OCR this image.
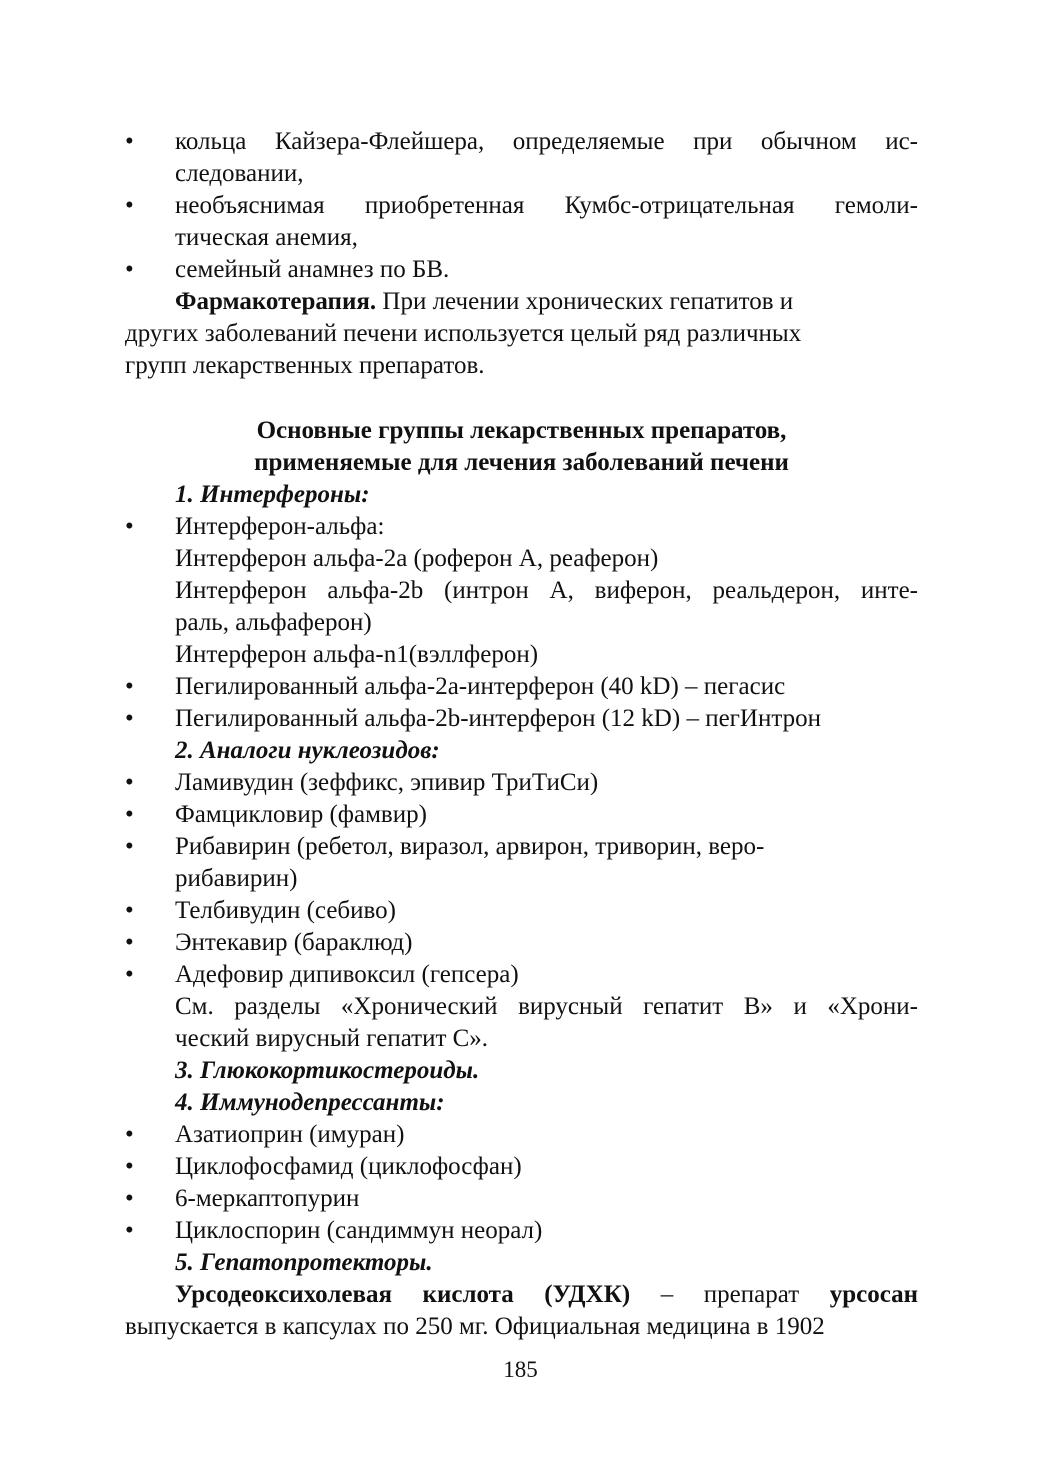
• кольца Кайзера-Флейшера, определяемые при обычном ис-
следовании,
• необъяснимая приобретенная Кумбс-отрицательная гемоли-
тическая анемия,
• семейный анамнез по БВ.
Фармакотерапия. При лечении хронических гепатитов и
других заболеваний печени используется целый ряд различных
групп лекарственных препаратов.
Основные группы лекарственных препаратов,
применяемые для лечения заболеваний печени
1. Интерфероны:
• Интерферон-альфа:
Интерферон альфа-2a (роферон А, реаферон)
Интерферон альфа-2b (интрон А, виферон, реальдерон, инте-
раль, альфаферон)
Интерферон альфа-n1(вэллферон)
• Пегилированный альфа-2а-интерферон (40 kD) – пегасис
• Пегилированный альфа-2b-интерферон (12 kD) – пегИнтрон
2. Аналоги нуклеозидов:
• Ламивудин (зеффикс, эпивир ТриТиСи)
• Фамцикловир (фамвир)
• Рибавирин (ребетол, виразол, арвирон, триворин, веро-
рибавирин)
• Телбивудин (себиво)
• Энтекавир (бараклюд)
• Адефовир дипивоксил (гепсера)
См. разделы «Хронический вирусный гепатит В» и «Хрони-
ческий вирусный гепатит С».
3. Глюкокортикостероиды.
4. Иммунодепрессанты:
• Азатиоприн (имуран)
• Циклофосфамид (циклофосфан)
• 6-меркаптопурин
• Циклоспорин (сандиммун неорал)
5. Гепатопротекторы.
Урсодеоксихолевая кислота (УДХК) – препарат урсосан
выпускается в капсулах по 250 мг. Официальная медицина в 1902
185
